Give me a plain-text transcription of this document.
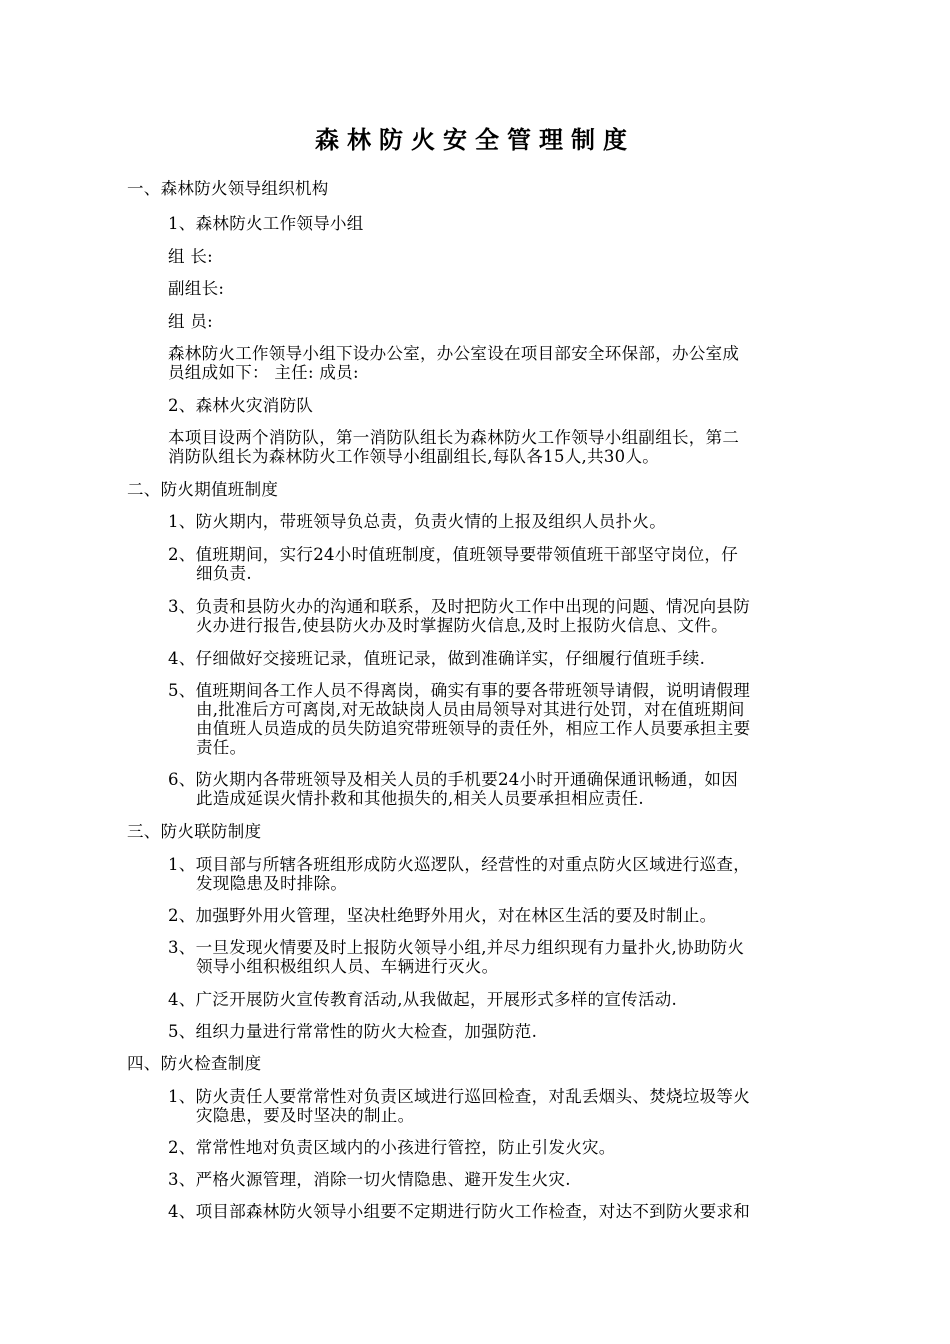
森林防火安全管理制度
一、森林防火领导组织机构
1、森林防火工作领导小组
组 长:
副组长:
组 员:
森林防火工作领导小组下设办公室，办公室设在项目部安全环保部，办公室成
员组成如下： 主任: 成员:
2、森林火灾消防队
本项目设两个消防队，第一消防队组长为森林防火工作领导小组副组长，第二
消防队组长为森林防火工作领导小组副组长,每队各15人,共30人。
二、防火期值班制度
1、防火期内，带班领导负总责，负责火情的上报及组织人员扑火。
2、值班期间，实行24小时值班制度，值班领导要带领值班干部坚守岗位，仔
细负责.
3、负责和县防火办的沟通和联系，及时把防火工作中出现的问题、情况向县防
火办进行报告,使县防火办及时掌握防火信息,及时上报防火信息、文件。
4、仔细做好交接班记录，值班记录，做到准确详实，仔细履行值班手续.
5、值班期间各工作人员不得离岗，确实有事的要各带班领导请假，说明请假理
由,批准后方可离岗,对无故缺岗人员由局领导对其进行处罚，对在值班期间
由值班人员造成的员失防追究带班领导的责任外，相应工作人员要承担主要
责任。
6、防火期内各带班领导及相关人员的手机要24小时开通确保通讯畅通，如因
此造成延误火情扑救和其他损失的,相关人员要承担相应责任.
三、防火联防制度
1、项目部与所辖各班组形成防火巡逻队，经营性的对重点防火区域进行巡查，
发现隐患及时排除。
2、加强野外用火管理，坚决杜绝野外用火，对在林区生活的要及时制止。
3、一旦发现火情要及时上报防火领导小组,并尽力组织现有力量扑火,协助防火
领导小组积极组织人员、车辆进行灭火。
4、广泛开展防火宣传教育活动,从我做起，开展形式多样的宣传活动.
5、组织力量进行常常性的防火大检查，加强防范.
四、防火检查制度
1、防火责任人要常常性对负责区域进行巡回检查，对乱丢烟头、焚烧垃圾等火
灾隐患，要及时坚决的制止。
2、常常性地对负责区域内的小孩进行管控，防止引发火灾。
3、严格火源管理，消除一切火情隐患、避开发生火灾.
4、项目部森林防火领导小组要不定期进行防火工作检查，对达不到防火要求和
